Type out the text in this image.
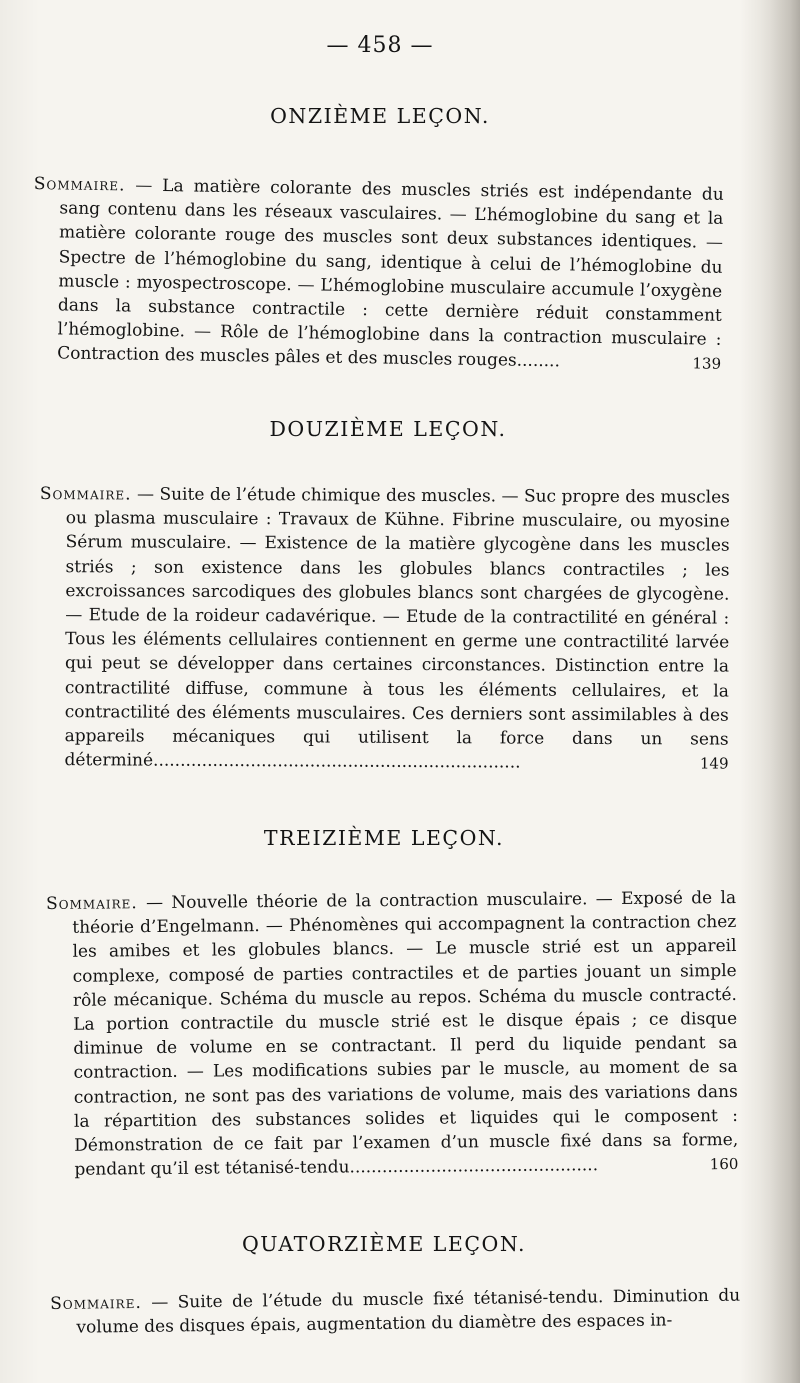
— 458 —
ONZIÈME LEÇON.

Sommaire. — La matière colorante des muscles striés est indépendante du sang contenu dans les réseaux vasculaires. — L’hémoglobine du sang et la matière colorante rouge des muscles sont deux substances identiques. — Spectre de l’hémoglobine du sang, identique à celui de l’hémoglobine du muscle : myospectroscope. — L’hémoglobine musculaire accumule l’oxygène dans la substance contractile : cette dernière réduit constamment l’hémoglobine. — Rôle de l’hémoglobine dans la contraction musculaire : Contraction des muscles pâles et des muscles rouges........	139

DOUZIÈME LEÇON.

Sommaire. — Suite de l’étude chimique des muscles. — Suc propre des muscles ou plasma musculaire : Travaux de Kühne. Fibrine musculaire, ou myosine Sérum musculaire. — Existence de la matière glycogène dans les muscles striés ; son existence dans les globules blancs contractiles ; les excroissances sarcodiques des globules blancs sont chargées de glycogène. — Etude de la roideur cadavérique. — Etude de la contractilité en général : Tous les éléments cellulaires contiennent en germe une contractilité larvée qui peut se développer dans certaines circonstances. Distinction entre la contractilité diffuse, commune à tous les éléments cellulaires, et la contractilité des éléments musculaires. Ces derniers sont assimilables à des appareils mécaniques qui utilisent la force dans un sens déterminé....................................................................	149

TREIZIÈME LEÇON.

Sommaire. — Nouvelle théorie de la contraction musculaire. — Exposé de la théorie d’Engelmann. — Phénomènes qui accompagnent la contraction chez les amibes et les globules blancs. — Le muscle strié est un appareil complexe, composé de parties contractiles et de parties jouant un simple rôle mécanique. Schéma du muscle au repos. Schéma du muscle contracté. La portion contractile du muscle strié est le disque épais ; ce disque diminue de volume en se contractant. Il perd du liquide pendant sa contraction. — Les modifications subies par le muscle, au moment de sa contraction, ne sont pas des variations de volume, mais des variations dans la répartition des substances solides et liquides qui le composent : Démonstration de ce fait par l’examen d’un muscle fixé dans sa forme, pendant qu’il est tétanisé-tendu..............................................	160

QUATORZIÈME LEÇON.

Sommaire. — Suite de l’étude du muscle fixé tétanisé-tendu. Diminution du volume des disques épais, augmentation du diamètre des espaces in-
